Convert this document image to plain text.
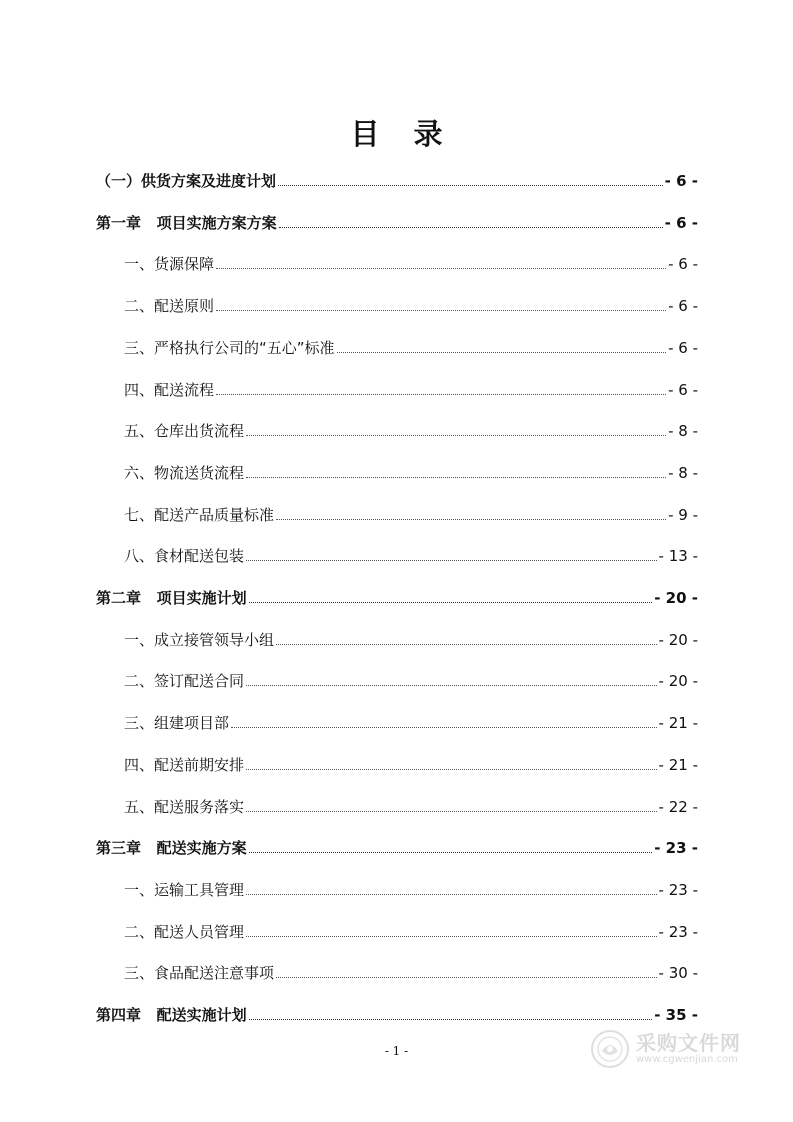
目 录
（一）供货方案及进度计划	- 6 -
第一章   项目实施方案方案	- 6 -
一、货源保障	- 6 -
二、配送原则	- 6 -
三、严格执行公司的“五心”标准	- 6 -
四、配送流程	- 6 -
五、仓库出货流程	- 8 -
六、物流送货流程	- 8 -
七、配送产品质量标准	- 9 -
八、食材配送包装	- 13 -
第二章   项目实施计划	- 20 -
一、成立接管领导小组	- 20 -
二、签订配送合同	- 20 -
三、组建项目部	- 21 -
四、配送前期安排	- 21 -
五、配送服务落实	- 22 -
第三章   配送实施方案	- 23 -
一、运输工具管理	- 23 -
二、配送人员管理	- 23 -
三、食品配送注意事项	- 30 -
第四章   配送实施计划	- 35 -
- 1 -	采购文件网
www.cgwenjian.com
